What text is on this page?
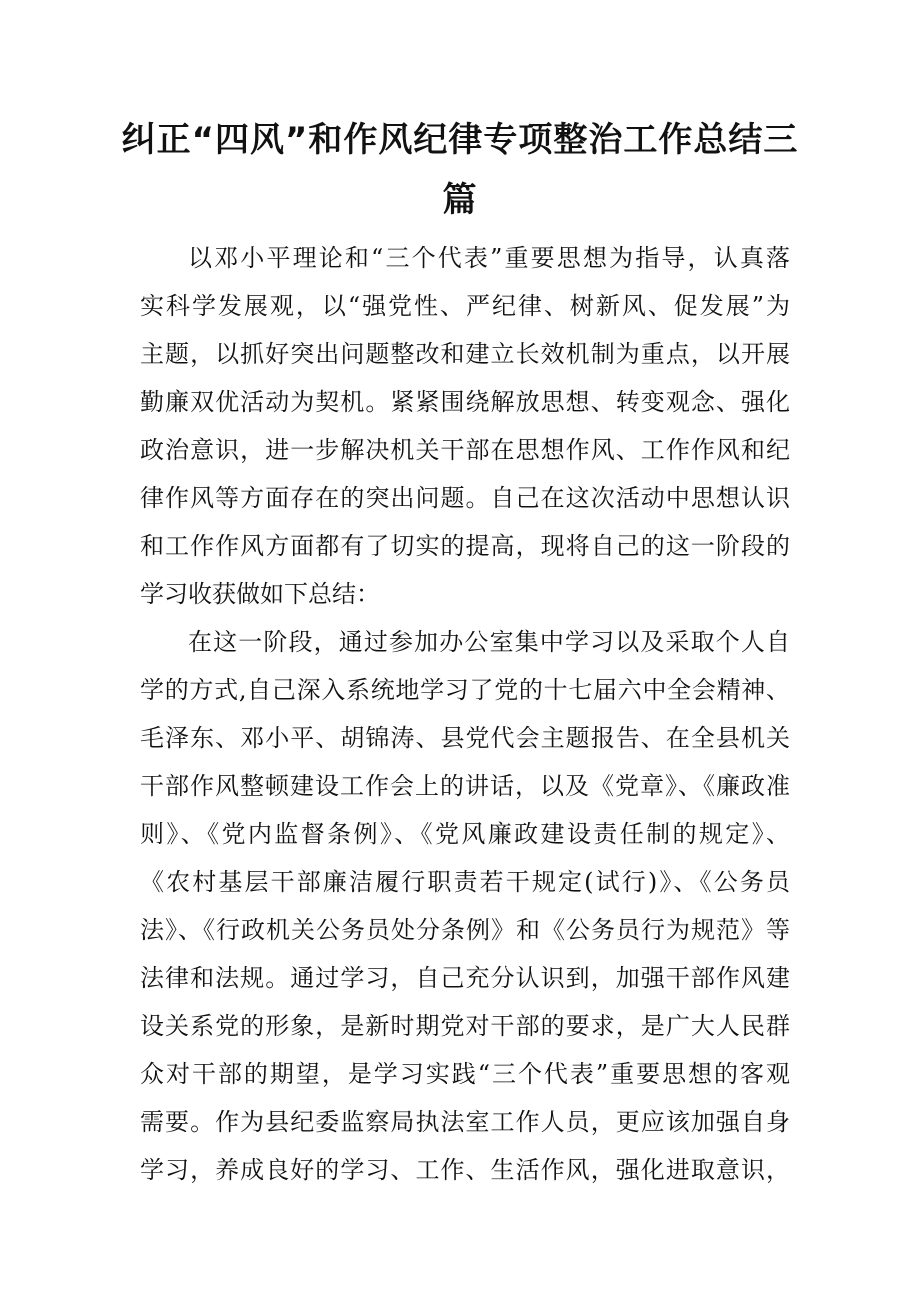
纠正“四风”和作风纪律专项整治工作总结三
篇
以邓小平理论和“三个代表”重要思想为指导，认真落
实科学发展观，以“强党性、严纪律、树新风、促发展”为
主题，以抓好突出问题整改和建立长效机制为重点，以开展
勤廉双优活动为契机。紧紧围绕解放思想、转变观念、强化
政治意识，进一步解决机关干部在思想作风、工作作风和纪
律作风等方面存在的突出问题。自己在这次活动中思想认识
和工作作风方面都有了切实的提高，现将自己的这一阶段的
学习收获做如下总结：
在这一阶段，通过参加办公室集中学习以及采取个人自
学的方式,自己深入系统地学习了党的十七届六中全会精神、
毛泽东、邓小平、胡锦涛、县党代会主题报告、在全县机关
干部作风整顿建设工作会上的讲话，以及《党章》、《廉政准
则》、《党内监督条例》、《党风廉政建设责任制的规定》、
《农村基层干部廉洁履行职责若干规定(试行)》、《公务员
法》、《行政机关公务员处分条例》和《公务员行为规范》等
法律和法规。通过学习，自己充分认识到，加强干部作风建
设关系党的形象，是新时期党对干部的要求，是广大人民群
众对干部的期望，是学习实践“三个代表”重要思想的客观
需要。作为县纪委监察局执法室工作人员，更应该加强自身
学习，养成良好的学习、工作、生活作风，强化进取意识，
